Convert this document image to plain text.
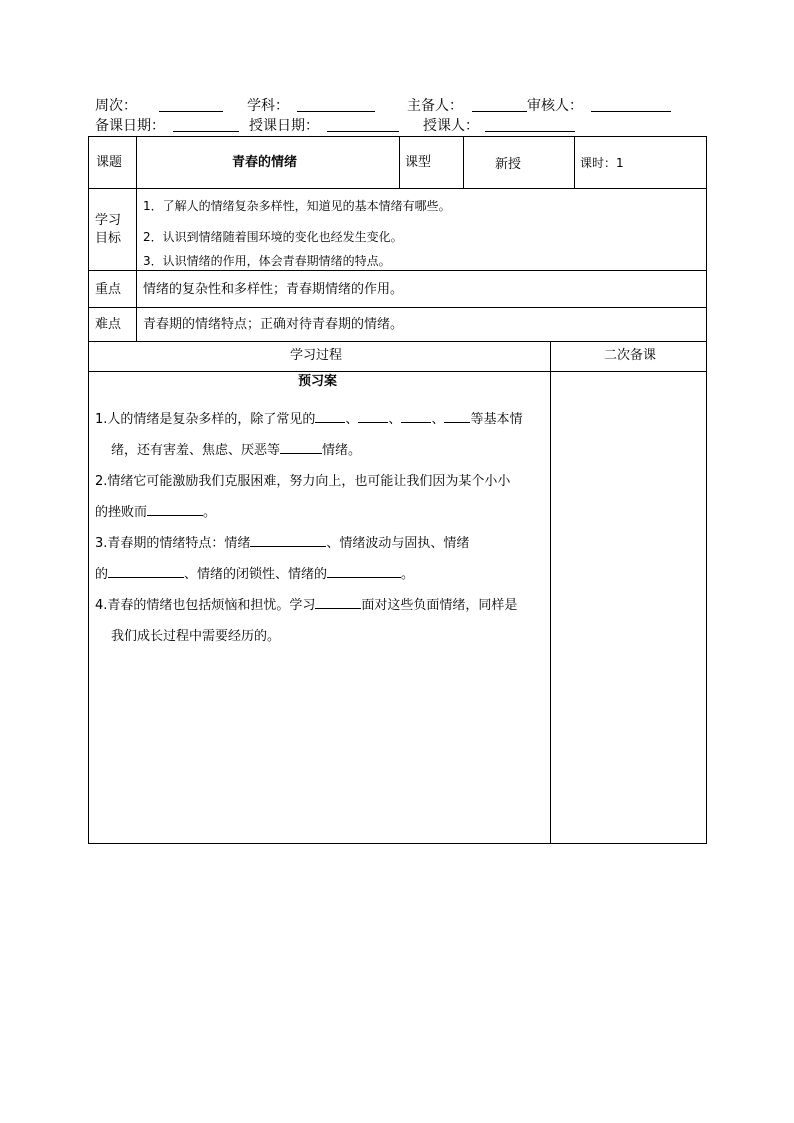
周次：	学科：	主备人：	审核人：
备课日期：	授课日期：	授课人：
课题	青春的情绪	课型	新授	课时：1
学习
目标
1．了解人的情绪复杂多样性，知道见的基本情绪有哪些。
2．认识到情绪随着围环境的变化也经发生变化。
3．认识情绪的作用，体会青春期情绪的特点。
重点 情绪的复杂性和多样性；青春期情绪的作用。
难点 青春期的情绪特点；正确对待青春期的情绪。
学习过程	二次备课
预习案
1.人的情绪是复杂多样的，除了常见的 、 、 、 等基本情
绪，还有害羞、焦虑、厌恶等	情绪。
2.情绪它可能激励我们克服困难，努力向上，也可能让我们因为某个小小
的挫败而	。
3.青春期的情绪特点：情绪	、情绪波动与固执、情绪
的	、情绪的闭锁性、情绪的	。
4.青春的情绪也包括烦恼和担忧。学习	面对这些负面情绪，同样是
我们成长过程中需要经历的。
